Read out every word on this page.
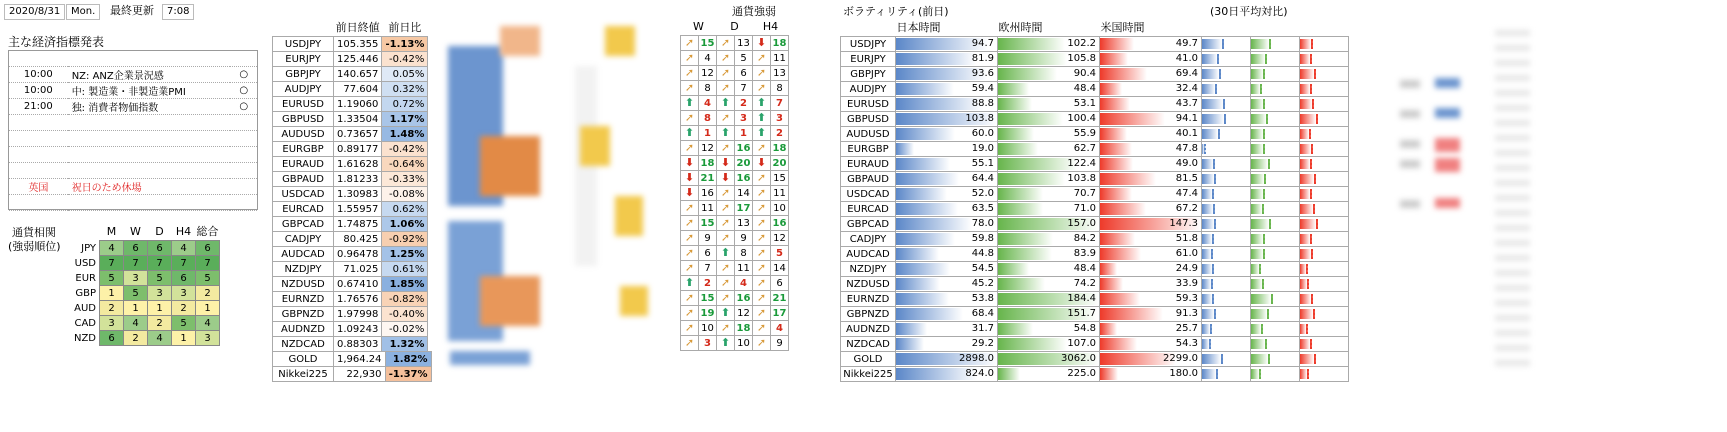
2020/8/31	Mon.	最終更新	7:08
主な経済指標発表

10:00	NZ: ANZ企業景況感	○
10:00	中: 製造業・非製造業PMI	○
21:00	独: 消費者物価指数	○

英国	祝日のため休場	

通貨相関
(強弱順位)
	M	W	D	H4	総合
JPY	4	6	6	4	6
USD	7	7	7	7	7
EUR	5	3	5	6	5
GBP	1	5	3	3	2
AUD	2	1	1	2	1
CAD	3	4	2	5	4
NZD	6	2	4	1	3
	前日終値	前日比
USDJPY	105.355	-1.13%
EURJPY	125.446	-0.42%
GBPJPY	140.657	0.05%
AUDJPY	77.604	0.32%
EURUSD	1.19060	0.72%
GBPUSD	1.33504	1.17%
AUDUSD	0.73657	1.48%
EURGBP	0.89177	-0.42%
EURAUD	1.61628	-0.64%
GBPAUD	1.81233	-0.33%
USDCAD	1.30983	-0.08%
EURCAD	1.55957	0.62%
GBPCAD	1.74875	1.06%
CADJPY	80.425	-0.92%
AUDCAD	0.96478	1.25%
NZDJPY	71.025	0.61%
NZDUSD	0.67410	1.85%
EURNZD	1.76576	-0.82%
GBPNZD	1.97998	-0.40%
AUDNZD	1.09243	-0.02%
NZDCAD	0.88303	1.32%
GOLD	1,964.24	1.82%
Nikkei225	22,930	-1.37%
通貨強弱
W		D		H4	
➚	15	➚	13	⬇	18
➚	4	➚	5	➚	11
➚	12	➚	6	➚	13
➚	8	➚	7	➚	8
⬆	4	⬆	2	⬆	7
➚	8	➚	3	⬆	3
⬆	1	⬆	1	⬆	2
➚	12	➚	16	➚	18
⬇	18	⬇	20	⬇	20
⬇	21	⬇	16	➚	15
⬇	16	➚	14	➚	11
➚	11	➚	17	➚	10
➚	15	➚	13	➚	16
➚	9	➚	9	➚	12
➚	6	⬆	8	➚	5
➚	7	➚	11	➚	14
⬆	2	➚	4	➚	6
➚	15	➚	16	➚	21
➚	19	⬆	12	➚	17
➚	10	➚	18	➚	4
➚	3	⬆	10	➚	9
ボラティリティ(前日)	(30日平均対比)
	日本時間	欧州時間	米国時間			
USDJPY	94.7	102.2	49.7			

EURJPY	81.9	105.8	41.0			

GBPJPY	93.6	90.4	69.4			

AUDJPY	59.4	48.4	32.4			

EURUSD	88.8	53.1	43.7			

GBPUSD	103.8	100.4	94.1			

AUDUSD	60.0	55.9	40.1			

EURGBP	19.0	62.7	47.8			

EURAUD	55.1	122.4	49.0			

GBPAUD	64.4	103.8	81.5			

USDCAD	52.0	70.7	47.4			

EURCAD	63.5	71.0	67.2			

GBPCAD	78.0	157.0	147.3			

CADJPY	59.8	84.2	51.8			

AUDCAD	44.8	83.9	61.0			

NZDJPY	54.5	48.4	24.9			

NZDUSD	45.2	74.2	33.9			

EURNZD	53.8	184.4	59.3			

GBPNZD	68.4	151.7	91.3			

AUDNZD	31.7	54.8	25.7			

NZDCAD	29.2	107.0	54.3			

GOLD	2898.0	3062.0	2299.0			

Nikkei225	824.0	225.0	180.0			
